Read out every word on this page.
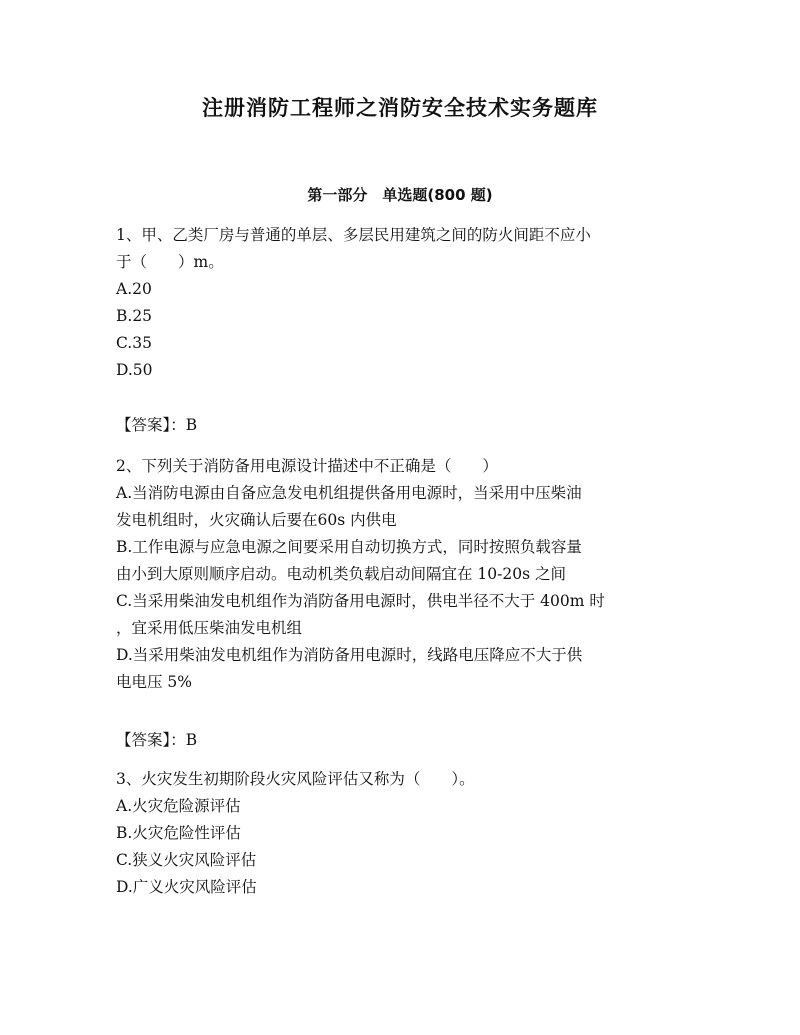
注册消防工程师之消防安全技术实务题库
第一部分　单选题(800 题)
1、甲、乙类厂房与普通的单层、多层民用建筑之间的防火间距不应小
于（　　）m。
A.20
B.25
C.35
D.50
【答案】：B
2、下列关于消防备用电源设计描述中不正确是（　　）
A.当消防电源由自备应急发电机组提供备用电源时，当采用中压柴油
发电机组时，火灾确认后要在60s 内供电
B.工作电源与应急电源之间要采用自动切换方式，同时按照负载容量
由小到大原则顺序启动。电动机类负载启动间隔宜在 10-20s 之间
C.当采用柴油发电机组作为消防备用电源时，供电半径不大于 400m 时
，宜采用低压柴油发电机组
D.当采用柴油发电机组作为消防备用电源时，线路电压降应不大于供
电电压 5%
【答案】：B
3、火灾发生初期阶段火灾风险评估又称为（　　）。
A.火灾危险源评估
B.火灾危险性评估
C.狭义火灾风险评估
D.广义火灾风险评估
